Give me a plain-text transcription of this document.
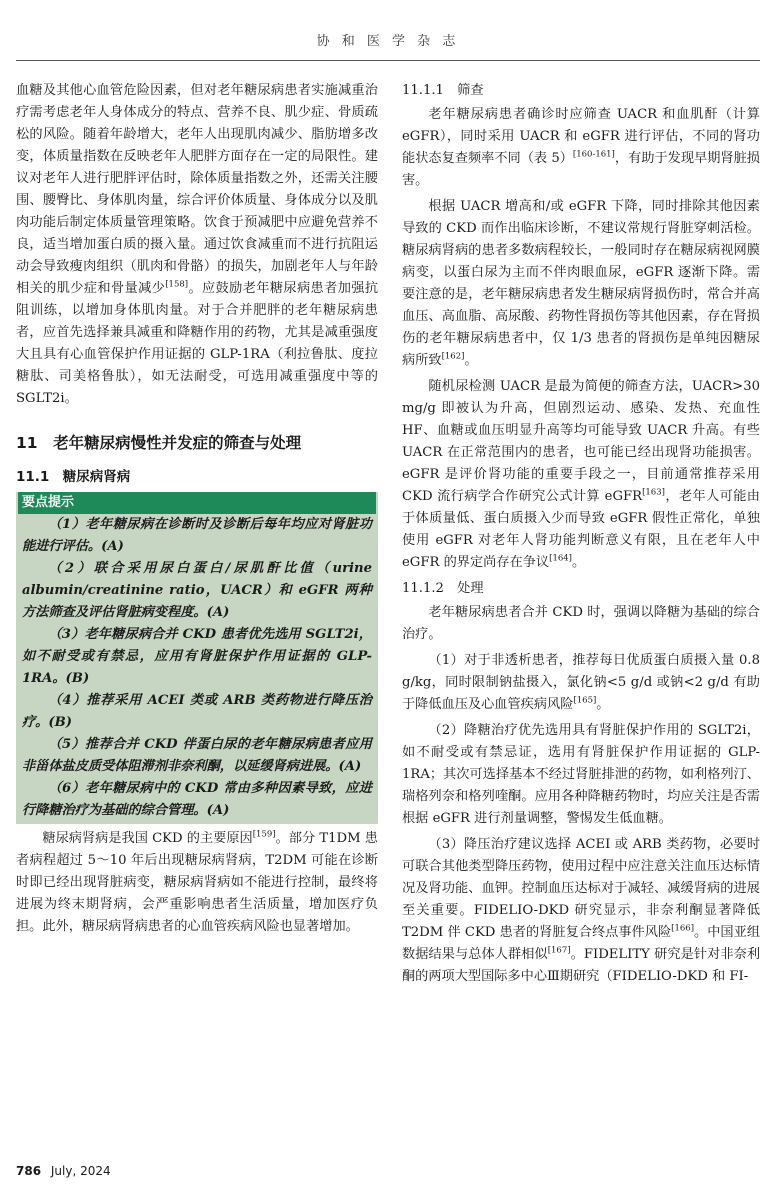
协 和 医 学 杂 志

血糖及其他心血管危险因素，但对老年糖尿病患者实施减重治疗需考虑老年人身体成分的特点、营养不良、肌少症、骨质疏松的风险。随着年龄增大，老年人出现肌肉减少、脂肪增多改变，体质量指数在反映老年人肥胖方面存在一定的局限性。建议对老年人进行肥胖评估时，除体质量指数之外，还需关注腰围、腰臀比、身体肌肉量，综合评价体质量、身体成分以及肌肉功能后制定体质量管理策略。饮食于预减肥中应避免营养不良，适当增加蛋白质的摄入量。通过饮食减重而不进行抗阻运动会导致瘦肉组织（肌肉和骨骼）的损失，加剧老年人与年龄相关的肌少症和骨量减少[158]。应鼓励老年糖尿病患者加强抗阻训练，以增加身体肌肉量。对于合并肥胖的老年糖尿病患者，应首先选择兼具减重和降糖作用的药物，尤其是减重强度大且具有心血管保护作用证据的 GLP-1RA（利拉鲁肽、度拉糖肽、司美格鲁肽），如无法耐受，可选用减重强度中等的 SGLT2i。

11　老年糖尿病慢性并发症的筛查与处理
11.1　糖尿病肾病
要点提示
（1）老年糖尿病在诊断时及诊断后每年均应对肾脏功能进行评估。(A)
（2）联合采用尿白蛋白/尿肌酐比值（urine albumin/creatinine ratio，UACR）和 eGFR 两种方法筛查及评估肾脏病变程度。(A)
（3）老年糖尿病合并 CKD 患者优先选用 SGLT2i，如不耐受或有禁忌，应用有肾脏保护作用证据的 GLP-1RA。(B)
（4）推荐采用 ACEI 类或 ARB 类药物进行降压治疗。(B)
（5）推荐合并 CKD 伴蛋白尿的老年糖尿病患者应用非甾体盐皮质受体阻滞剂非奈利酮，以延缓肾病进展。(A)
（6）老年糖尿病中的 CKD 常由多种因素导致，应进行降糖治疗为基础的综合管理。(A)

糖尿病肾病是我国 CKD 的主要原因[159]。部分 T1DM 患者病程超过 5～10 年后出现糖尿病肾病，T2DM 可能在诊断时即已经出现肾脏病变，糖尿病肾病如不能进行控制，最终将进展为终末期肾病，会严重影响患者生活质量，增加医疗负担。此外，糖尿病肾病患者的心血管疾病风险也显著增加。

11.1.1　筛查

老年糖尿病患者确诊时应筛查 UACR 和血肌酐（计算 eGFR），同时采用 UACR 和 eGFR 进行评估，不同的肾功能状态复查频率不同（表 5）[160-161]，有助于发现早期肾脏损害。

根据 UACR 增高和/或 eGFR 下降，同时排除其他因素导致的 CKD 而作出临床诊断，不建议常规行肾脏穿刺活检。糖尿病肾病的患者多数病程较长，一般同时存在糖尿病视网膜病变，以蛋白尿为主而不伴肉眼血尿，eGFR 逐渐下降。需要注意的是，老年糖尿病患者发生糖尿病肾损伤时，常合并高血压、高血脂、高尿酸、药物性肾损伤等其他因素，存在肾损伤的老年糖尿病患者中，仅 1/3 患者的肾损伤是单纯因糖尿病所致[162]。

随机尿检测 UACR 是最为简便的筛查方法，UACR>30 mg/g 即被认为升高，但剧烈运动、感染、发热、充血性 HF、血糖或血压明显升高等均可能导致 UACR 升高。有些 UACR 在正常范围内的患者，也可能已经出现肾功能损害。eGFR 是评价肾功能的重要手段之一，目前通常推荐采用 CKD 流行病学合作研究公式计算 eGFR[163]，老年人可能由于体质量低、蛋白质摄入少而导致 eGFR 假性正常化，单独使用 eGFR 对老年人肾功能判断意义有限，且在老年人中 eGFR 的界定尚存在争议[164]。

11.1.2　处理

老年糖尿病患者合并 CKD 时，强调以降糖为基础的综合治疗。

（1）对于非透析患者，推荐每日优质蛋白质摄入量 0.8 g/kg，同时限制钠盐摄入，氯化钠<5 g/d 或钠<2 g/d 有助于降低血压及心血管疾病风险[165]。

（2）降糖治疗优先选用具有肾脏保护作用的 SGLT2i，如不耐受或有禁忌证，选用有肾脏保护作用证据的 GLP-1RA；其次可选择基本不经过肾脏排泄的药物，如利格列汀、瑞格列奈和格列喹酮。应用各种降糖药物时，均应关注是否需根据 eGFR 进行剂量调整，警惕发生低血糖。

（3）降压治疗建议选择 ACEI 或 ARB 类药物，必要时可联合其他类型降压药物，使用过程中应注意关注血压达标情况及肾功能、血钾。控制血压达标对于减轻、减缓肾病的进展至关重要。FIDELIO-DKD 研究显示，非奈利酮显著降低 T2DM 伴 CKD 患者的肾脏复合终点事件风险[166]。中国亚组数据结果与总体人群相似[167]。FIDELITY 研究是针对非奈利酮的两项大型国际多中心Ⅲ期研究（FIDELIO-DKD 和 FI-

786 July, 2024
